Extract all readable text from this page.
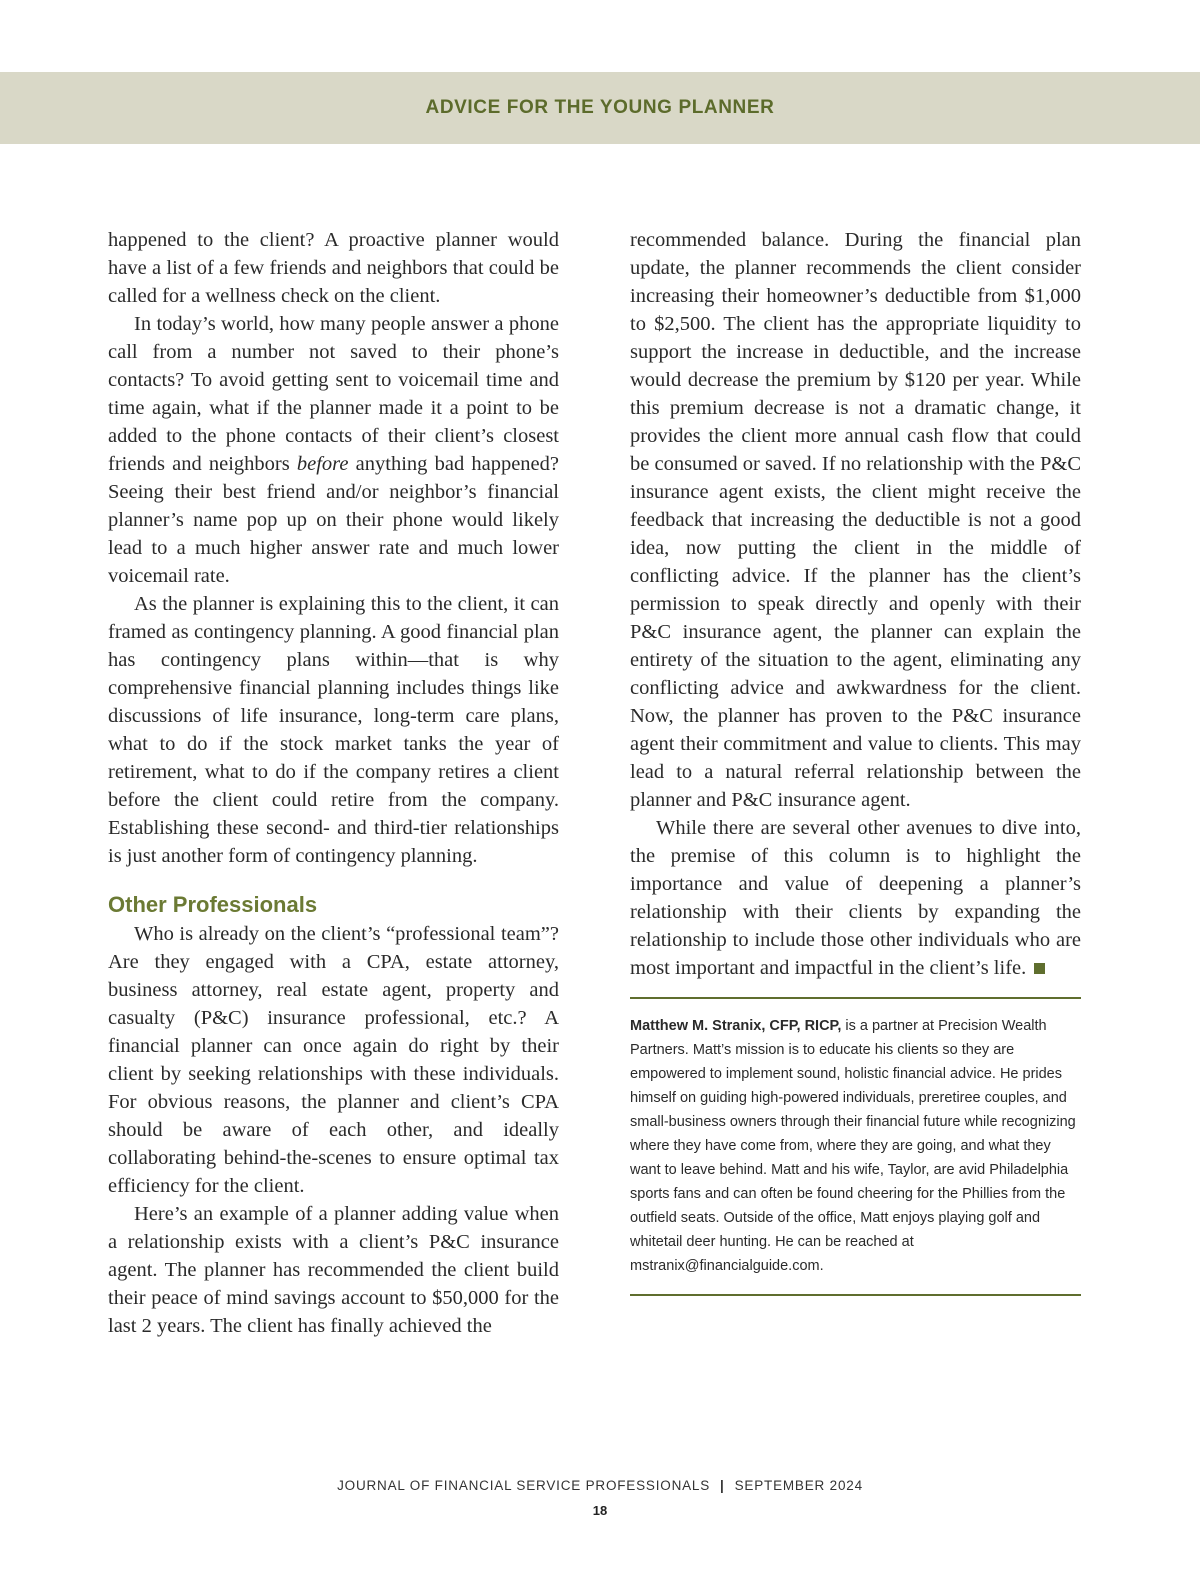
ADVICE FOR THE YOUNG PLANNER

happened to the client? A proactive planner would have a list of a few friends and neighbors that could be called for a wellness check on the client.

In today’s world, how many people answer a phone call from a number not saved to their phone’s contacts? To avoid getting sent to voicemail time and time again, what if the planner made it a point to be added to the phone contacts of their client’s closest friends and neighbors before anything bad happened? Seeing their best friend and/or neighbor’s financial planner’s name pop up on their phone would likely lead to a much higher answer rate and much lower voicemail rate.

As the planner is explaining this to the client, it can framed as contingency planning. A good financial plan has contingency plans within—that is why comprehensive financial planning includes things like discussions of life insurance, long-term care plans, what to do if the stock market tanks the year of retirement, what to do if the company retires a client before the client could retire from the company. Establishing these second- and third-tier relationships is just another form of contingency planning.

Other Professionals

Who is already on the client’s “professional team”? Are they engaged with a CPA, estate attorney, business attorney, real estate agent, property and casualty (P&C) insurance professional, etc.? A financial planner can once again do right by their client by seeking relationships with these individuals. For obvious reasons, the planner and client’s CPA should be aware of each other, and ideally collaborating behind-the-scenes to ensure optimal tax efficiency for the client.

Here’s an example of a planner adding value when a relationship exists with a client’s P&C insurance agent. The planner has recommended the client build their peace of mind savings account to $50,000 for the last 2 years. The client has finally achieved the

recommended balance. During the financial plan update, the planner recommends the client consider increasing their homeowner’s deductible from $1,000 to $2,500. The client has the appropriate liquidity to support the increase in deductible, and the increase would decrease the premium by $120 per year. While this premium decrease is not a dramatic change, it provides the client more annual cash flow that could be consumed or saved. If no relationship with the P&C insurance agent exists, the client might receive the feedback that increasing the deductible is not a good idea, now putting the client in the middle of conflicting advice. If the planner has the client’s permission to speak directly and openly with their P&C insurance agent, the planner can explain the entirety of the situation to the agent, eliminating any conflicting advice and awkwardness for the client. Now, the planner has proven to the P&C insurance agent their commitment and value to clients. This may lead to a natural referral relationship between the planner and P&C insurance agent.

While there are several other avenues to dive into, the premise of this column is to highlight the importance and value of deepening a planner’s relationship with their clients by expanding the relationship to include those other individuals who are most important and impactful in the client’s life.

Matthew M. Stranix, CFP, RICP, is a partner at Precision Wealth Partners. Matt’s mission is to educate his clients so they are empowered to implement sound, holistic financial advice. He prides himself on guiding high-powered individuals, preretiree couples, and small-business owners through their financial future while recognizing where they have come from, where they are going, and what they want to leave behind. Matt and his wife, Taylor, are avid Philadelphia sports fans and can often be found cheering for the Phillies from the outfield seats. Outside of the office, Matt enjoys playing golf and whitetail deer hunting. He can be reached at mstranix@financialguide.com.
JOURNAL OF FINANCIAL SERVICE PROFESSIONALS | SEPTEMBER 2024
18
